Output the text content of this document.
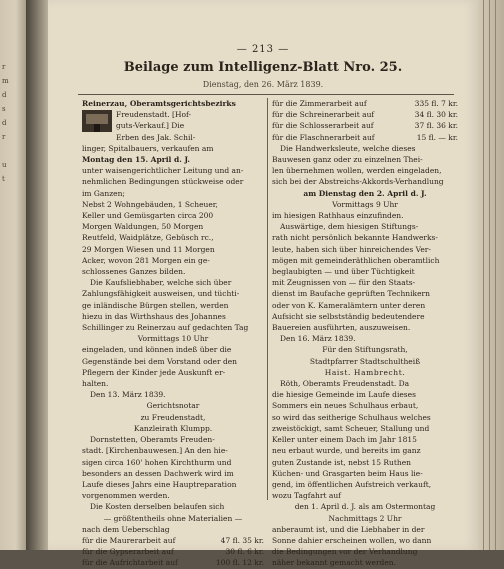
r
m
d
s
d
r

u
t
— 213 —
Beilage zum Intelligenz-Blatt Nro. 25.
Dienstag, den 26. März 1839.
Reinerzau, Oberamtsgerichtsbezirks
Freudenstadt. [Hof-
guts-Verkauf.] Die
Erben des Jak. Schil-
linger, Spitalbauers, verkaufen am
Montag den 15. April d. J.
unter waisengerichtlicher Leitung und an-
nehmlichen Bedingungen stückweise oder
im Ganzen;
Nebst 2 Wohngebäuden, 1 Scheuer,
Keller und Gemüsgarten circa 200
Morgen Waldungen, 50 Morgen
Reutfeld, Waidplätze, Gebüsch rc.,
29 Morgen Wiesen und 11 Morgen
Acker, wovon 281 Morgen ein ge-
schlossenes Ganzes bilden.
Die Kaufsliebhaber, welche sich über
Zahlungsfähigkeit ausweisen, und tüchti-
ge inländische Bürgen stellen, werden
hiezu in das Wirthshaus des Johannes
Schillinger zu Reinerzau auf gedachten Tag
Vormittags 10 Uhr
eingeladen, und können indeß über die
Gegenstände bei dem Vorstand oder den
Pflegern der Kinder jede Auskunft er-
halten.
Den 13. März 1839.
Gerichtsnotar
zu Freudenstadt,
Kanzleirath Klumpp.
Dornstetten, Oberamts Freuden-
stadt. [Kirchenbauwesen.] An den hie-
sigen circa 160' hohen Kirchthurm und
besonders an dessen Dachwerk wird im
Laufe dieses Jahrs eine Hauptreparation
vorgenommen werden.
Die Kosten derselben belaufen sich
— größtentheils ohne Materialien —
nach dem Ueberschlag
für die Maurerarbeit auf	47 fl. 35 kr.
für die Gypserarbeit auf	30 fl. 6 kr.
für die Aufrichtarbeit auf	100 fl. 12 kr.
für die Zimmerarbeit auf	335 fl. 7 kr.
für die Schreinerarbeit auf	34 fl. 30 kr.
für die Schlosserarbeit auf	37 fl. 36 kr.
für die Flaschnerarbeit auf	15 fl. — kr.
Die Handwerksleute, welche dieses
Bauwesen ganz oder zu einzelnen Thei-
len übernehmen wollen, werden eingeladen,
sich bei der Abstreichs-Akkords-Verhandlung
am Dienstag den 2. April d. J.
Vormittags 9 Uhr
im hiesigen Rathhaus einzufinden.
Auswärtige, dem hiesigen Stiftungs-
rath nicht persönlich bekannte Handwerks-
leute, haben sich über hinreichendes Ver-
mögen mit gemeinderäthlichen oberamtlich
beglaubigten — und über Tüchtigkeit
mit Zeugnissen von — für den Staats-
dienst im Baufache geprüften Technikern
oder von K. Kameralämtern unter deren
Aufsicht sie selbstständig bedeutendere
Bauereien ausführten, auszuweisen.
Den 16. März 1839.
Für den Stiftungsrath,
Stadtpfarrer Stadtschultheiß
Haist. Hambrecht.
Röth, Oberamts Freudenstadt. Da
die hiesige Gemeinde im Laufe dieses
Sommers ein neues Schulhaus erbaut,
so wird das seitherige Schulhaus welches
zweistöckigt, samt Scheuer, Stallung und
Keller unter einem Dach im Jahr 1815
neu erbaut wurde, und bereits im ganz
guten Zustande ist, nebst 15 Ruthen
Küchen- und Grasgarten beim Haus lie-
gend, im öffentlichen Aufstreich verkauft,
wozu Tagfahrt auf
den 1. April d. J. als am Ostermontag
Nachmittags 2 Uhr
anberaumt ist, und die Liebhaber in der
Sonne dahier erscheinen wollen, wo dann
die Bedingungen vor der Verhandlung
näher bekannt gemacht werden.
